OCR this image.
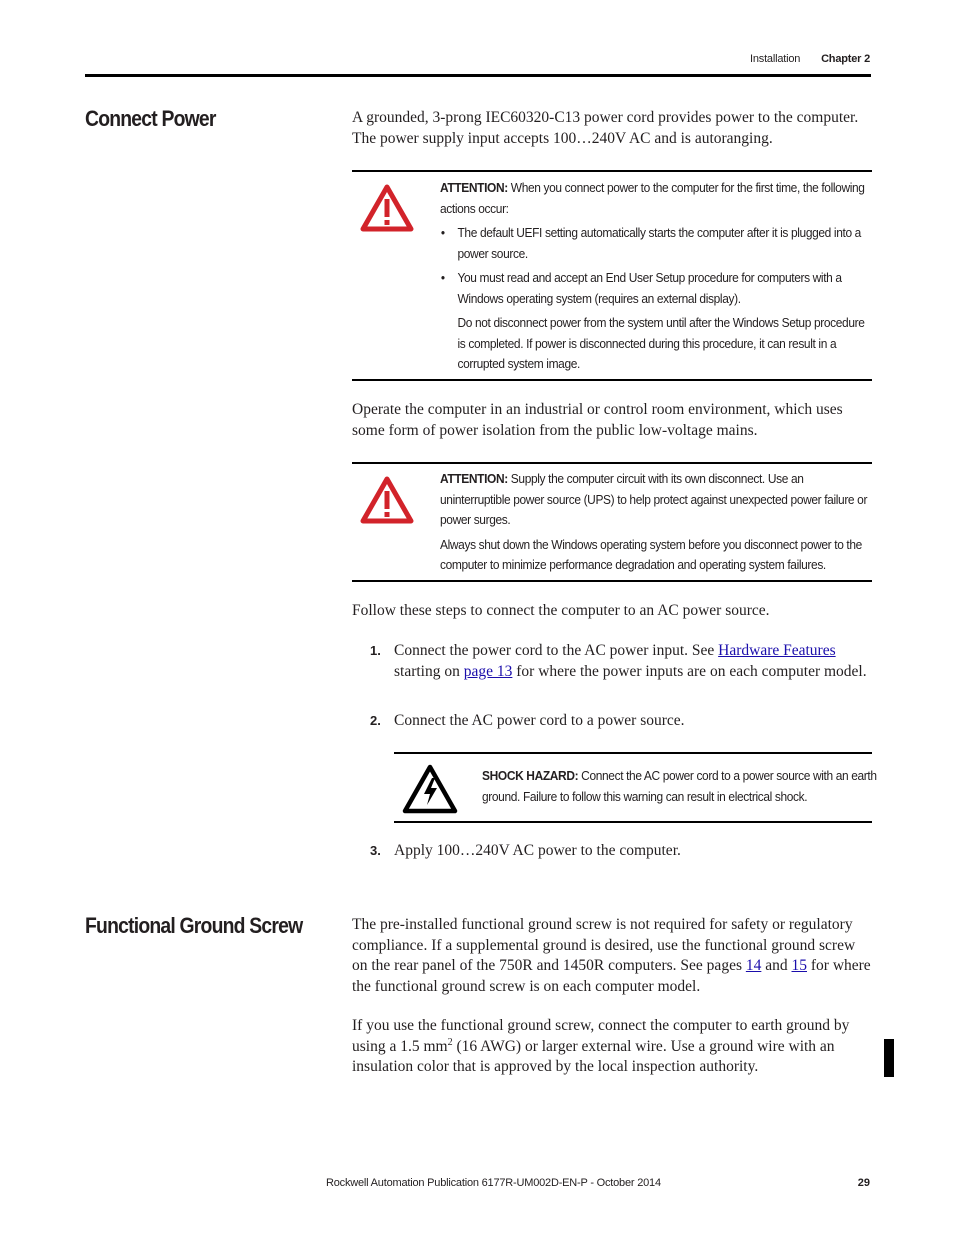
Installation Chapter 2
Connect Power	A grounded, 3-prong IEC60320-C13 power cord provides power to the computer. The power supply input accepts 100…240V AC and is autoranging.
ATTENTION: When you connect power to the computer for the first time, the following actions occur:
• The default UEFI setting automatically starts the computer after it is plugged into a power source.
• You must read and accept an End User Setup procedure for computers with a Windows operating system (requires an external display).
Do not disconnect power from the system until after the Windows Setup procedure is completed. If power is disconnected during this procedure, it can result in a corrupted system image.
Operate the computer in an industrial or control room environment, which uses some form of power isolation from the public low-voltage mains.
ATTENTION: Supply the computer circuit with its own disconnect. Use an uninterruptible power source (UPS) to help protect against unexpected power failure or power surges.

Always shut down the Windows operating system before you disconnect power to the computer to minimize performance degradation and operating system failures.

Follow these steps to connect the computer to an AC power source.
1. Connect the power cord to the AC power input. See Hardware Features starting on page 13 for where the power inputs are on each computer model.
2. Connect the AC power cord to a power source.
SHOCK HAZARD: Connect the AC power cord to a power source with an earth ground. Failure to follow this warning can result in electrical shock.
3. Apply 100…240V AC power to the computer.
Functional Ground Screw	The pre-installed functional ground screw is not required for safety or regulatory compliance. If a supplemental ground is desired, use the functional ground screw on the rear panel of the 750R and 1450R computers. See pages 14 and 15 for where the functional ground screw is on each computer model.
If you use the functional ground screw, connect the computer to earth ground by using a 1.5 $mm^2$ (16 AWG) or larger external wire. Use a ground wire with an insulation color that is approved by the local inspection authority.
Rockwell Automation Publication 6177R-UM002D-EN-P - October 2014	29
